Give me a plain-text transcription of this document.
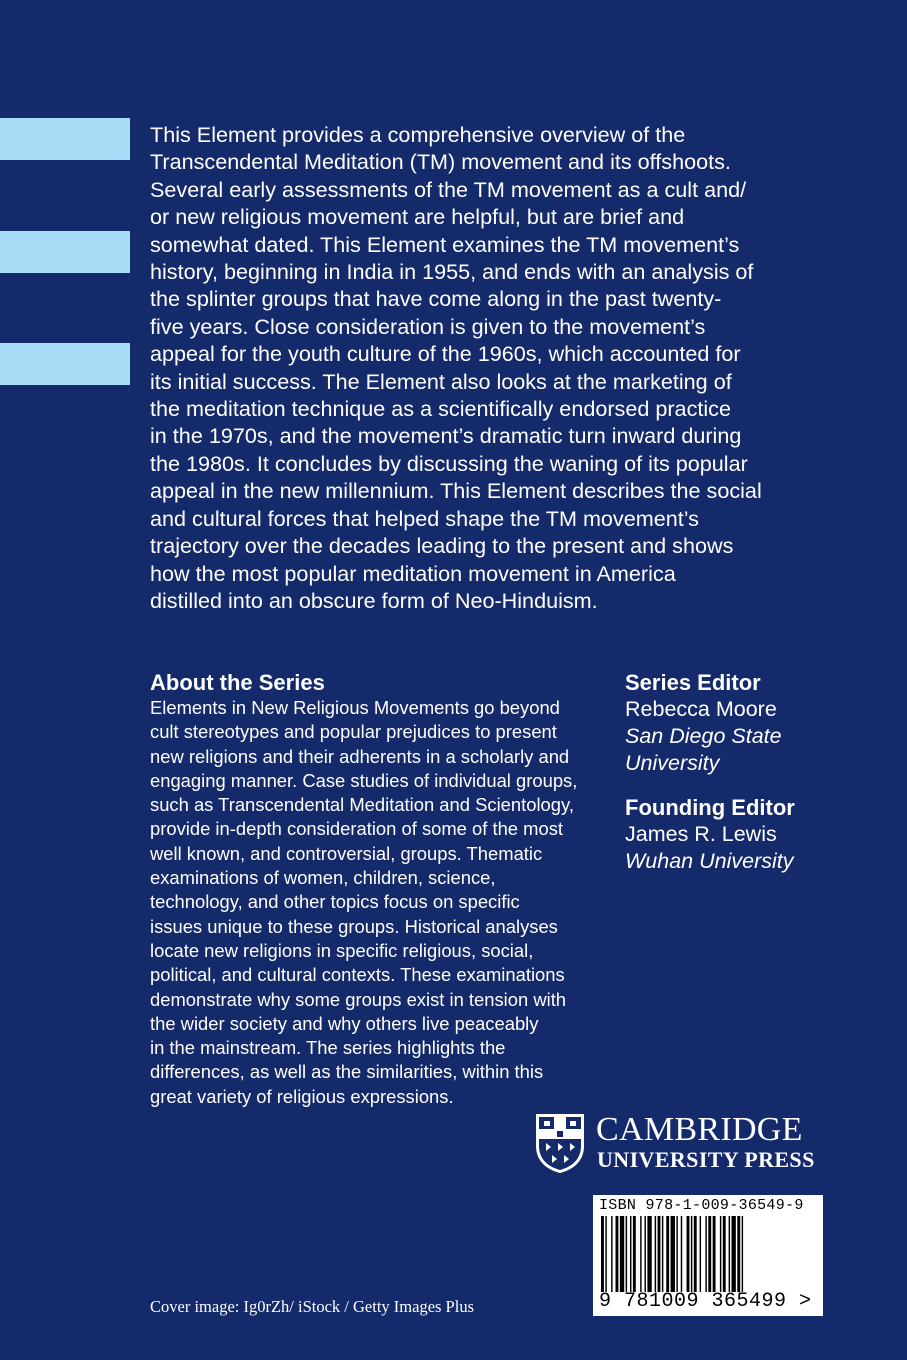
This Element provides a comprehensive overview of the
Transcendental Meditation (TM) movement and its offshoots.
Several early assessments of the TM movement as a cult and/
or new religious movement are helpful, but are brief and
somewhat dated. This Element examines the TM movement’s
history, beginning in India in 1955, and ends with an analysis of
the splinter groups that have come along in the past twenty-
five years. Close consideration is given to the movement’s
appeal for the youth culture of the 1960s, which accounted for
its initial success. The Element also looks at the marketing of
the meditation technique as a scientifically endorsed practice
in the 1970s, and the movement’s dramatic turn inward during
the 1980s. It concludes by discussing the waning of its popular
appeal in the new millennium. This Element describes the social
and cultural forces that helped shape the TM movement’s
trajectory over the decades leading to the present and shows
how the most popular meditation movement in America
distilled into an obscure form of Neo-Hinduism.
About the Series
Elements in New Religious Movements go beyond
cult stereotypes and popular prejudices to present
new religions and their adherents in a scholarly and
engaging manner. Case studies of individual groups,
such as Transcendental Meditation and Scientology,
provide in-depth consideration of some of the most
well known, and controversial, groups. Thematic
examinations of women, children, science,
technology, and other topics focus on specific
issues unique to these groups. Historical analyses
locate new religions in specific religious, social,
political, and cultural contexts. These examinations
demonstrate why some groups exist in tension with
the wider society and why others live peaceably
in the mainstream. The series highlights the
differences, as well as the similarities, within this
great variety of religious expressions.
Series Editor
Rebecca Moore
San Diego State
University
Founding Editor
James R. Lewis
Wuhan University
CAMBRIDGE
UNIVERSITY PRESS
ISBN 978-1-009-36549-9
9 781009 365499 >
Cover image: Ig0rZh/ iStock / Getty Images Plus
